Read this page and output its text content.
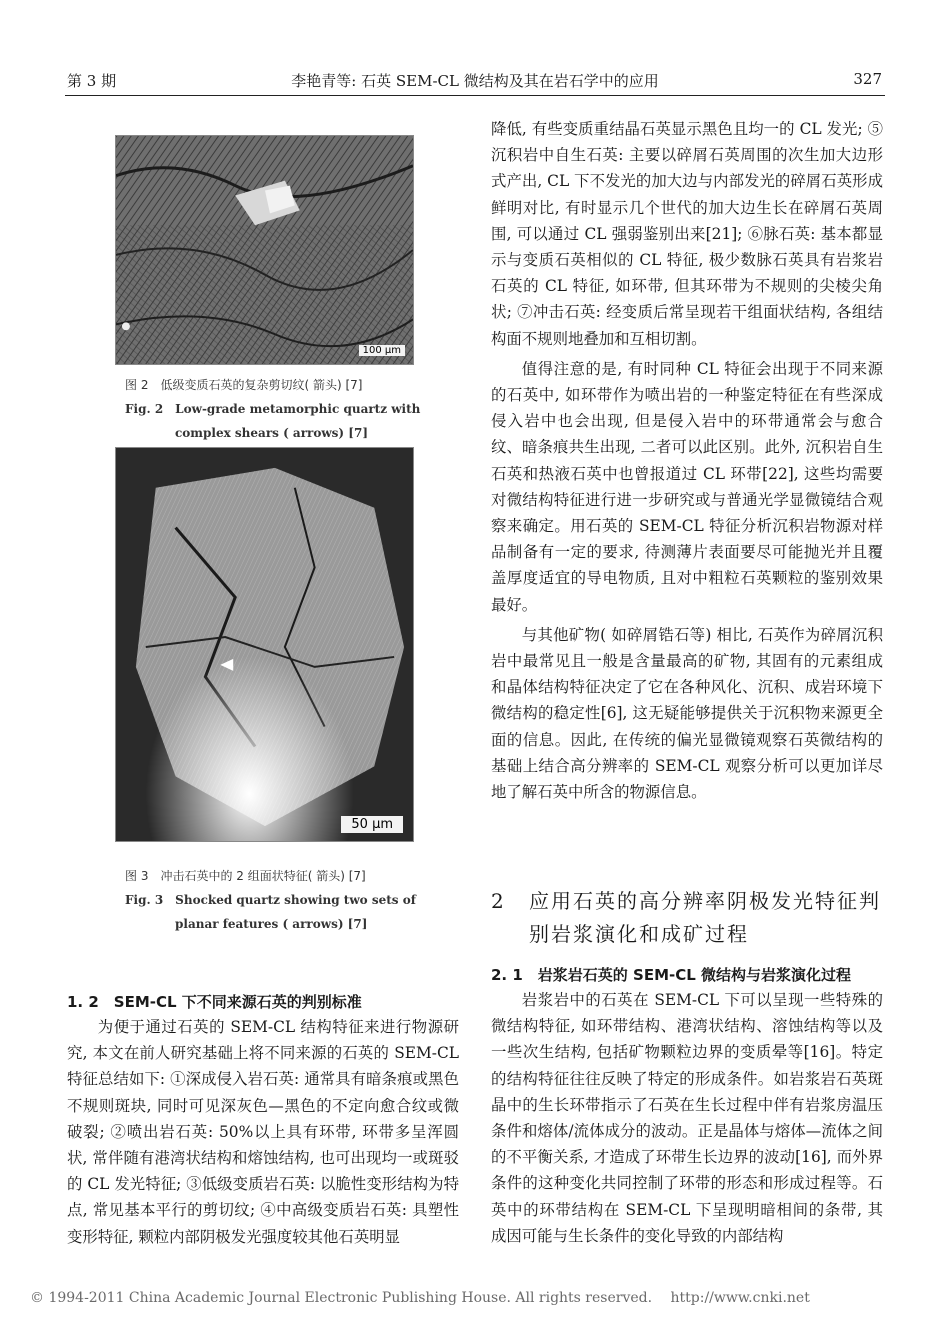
第 3 期	李艳青等: 石英 SEM-CL 微结构及其在岩石学中的应用	327
100 μm
图 2　低级变质石英的复杂剪切纹( 箭头) [7]
Fig. 2　Low-grade metamorphic quartz with
complex shears ( arrows) [7]
50 μm
图 3　冲击石英中的 2 组面状特征( 箭头) [7]
Fig. 3　Shocked quartz showing two sets of
planar features ( arrows) [7]
1. 2　SEM-CL 下不同来源石英的判别标准

为便于通过石英的 SEM-CL 结构特征来进行物源研究, 本文在前人研究基础上将不同来源的石英的 SEM-CL 特征总结如下: ①深成侵入岩石英: 通常具有暗条痕或黑色不规则斑块, 同时可见深灰色—黑色的不定向愈合纹或微破裂; ②喷出岩石英: 50%以上具有环带, 环带多呈浑圆状, 常伴随有港湾状结构和熔蚀结构, 也可出现均一或斑驳的 CL 发光特征; ③低级变质岩石英: 以脆性变形结构为特点, 常见基本平行的剪切纹; ④中高级变质岩石英: 具塑性变形特征, 颗粒内部阴极发光强度较其他石英明显

降低, 有些变质重结晶石英显示黑色且均一的 CL 发光; ⑤沉积岩中自生石英: 主要以碎屑石英周围的次生加大边形式产出, CL 下不发光的加大边与内部发光的碎屑石英形成鲜明对比, 有时显示几个世代的加大边生长在碎屑石英周围, 可以通过 CL 强弱鉴别出来[21]; ⑥脉石英: 基本都显示与变质石英相似的 CL 特征, 极少数脉石英具有岩浆岩石英的 CL 特征, 如环带, 但其环带为不规则的尖棱尖角状; ⑦冲击石英: 经变质后常呈现若干组面状结构, 各组结构面不规则地叠加和互相切割。

值得注意的是, 有时同种 CL 特征会出现于不同来源的石英中, 如环带作为喷出岩的一种鉴定特征在有些深成侵入岩中也会出现, 但是侵入岩中的环带通常会与愈合纹、暗条痕共生出现, 二者可以此区别。此外, 沉积岩自生石英和热液石英中也曾报道过 CL 环带[22], 这些均需要对微结构特征进行进一步研究或与普通光学显微镜结合观察来确定。用石英的 SEM-CL 特征分析沉积岩物源对样品制备有一定的要求, 待测薄片表面要尽可能抛光并且覆盖厚度适宜的导电物质, 且对中粗粒石英颗粒的鉴别效果最好。

与其他矿物( 如碎屑锆石等) 相比, 石英作为碎屑沉积岩中最常见且一般是含量最高的矿物, 其固有的元素组成和晶体结构特征决定了它在各种风化、沉积、成岩环境下微结构的稳定性[6], 这无疑能够提供关于沉积物来源更全面的信息。因此, 在传统的偏光显微镜观察石英微结构的基础上结合高分辨率的 SEM-CL 观察分析可以更加详尽地了解石英中所含的物源信息。

2 应用石英的高分辨率阴极发光特征判别岩浆演化和成矿过程
2. 1　岩浆岩石英的 SEM-CL 微结构与岩浆演化过程

岩浆岩中的石英在 SEM-CL 下可以呈现一些特殊的微结构特征, 如环带结构、港湾状结构、溶蚀结构等以及一些次生结构, 包括矿物颗粒边界的变质晕等[16]。特定的结构特征往往反映了特定的形成条件。如岩浆岩石英斑晶中的生长环带指示了石英在生长过程中伴有岩浆房温压条件和熔体/流体成分的波动。正是晶体与熔体—流体之间的不平衡关系, 才造成了环带生长边界的波动[16], 而外界条件的这种变化共同控制了环带的形态和形成过程等。石英中的环带结构在 SEM-CL 下呈现明暗相间的条带, 其成因可能与生长条件的变化导致的内部结构

© 1994-2011 China Academic Journal Electronic Publishing House. All rights reserved. http://www.cnki.net
